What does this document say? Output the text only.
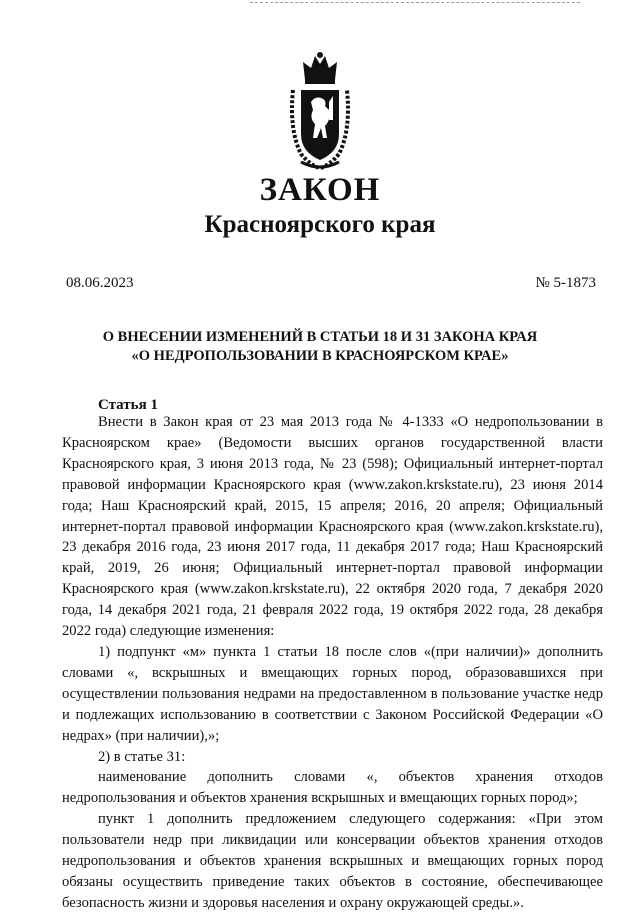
ЗАКОН
Красноярского края
08.06.2023	№ 5-1873
О ВНЕСЕНИИ ИЗМЕНЕНИЙ В СТАТЬИ 18 И 31 ЗАКОНА КРАЯ
«О НЕДРОПОЛЬЗОВАНИИ В КРАСНОЯРСКОМ КРАЕ»
Статья 1

Внести в Закон края от 23 мая 2013 года № 4-1333 «О недропользовании в Красноярском крае» (Ведомости высших органов государственной власти Красноярского края, 3 июня 2013 года, № 23 (598); Официальный интернет-портал правовой информации Красноярского края (www.zakon.krskstate.ru), 23 июня 2014 года; Наш Красноярский край, 2015, 15 апреля; 2016, 20 апреля; Официальный интернет-портал правовой информации Красноярского края (www.zakon.krskstate.ru), 23 декабря 2016 года, 23 июня 2017 года, 11 декабря 2017 года; Наш Красноярский край, 2019, 26 июня; Официальный интернет-портал правовой информации Красноярского края (www.zakon.krskstate.ru), 22 октября 2020 года, 7 декабря 2020 года, 14 декабря 2021 года, 21 февраля 2022 года, 19 октября 2022 года, 28 декабря 2022 года) следующие изменения:

1) подпункт «м» пункта 1 статьи 18 после слов «(при наличии)» дополнить словами «, вскрышных и вмещающих горных пород, образовавшихся при осуществлении пользования недрами на предоставленном в пользование участке недр и подлежащих использованию в соответствии с Законом Российской Федерации «О недрах» (при наличии),»;

2) в статье 31:

наименование дополнить словами «, объектов хранения отходов недропользования и объектов хранения вскрышных и вмещающих горных пород»;

пункт 1 дополнить предложением следующего содержания: «При этом пользователи недр при ликвидации или консервации объектов хранения отходов недропользования и объектов хранения вскрышных и вмещающих горных пород обязаны осуществить приведение таких объектов в состояние, обеспечивающее безопасность жизни и здоровья населения и охрану окружающей среды.».
